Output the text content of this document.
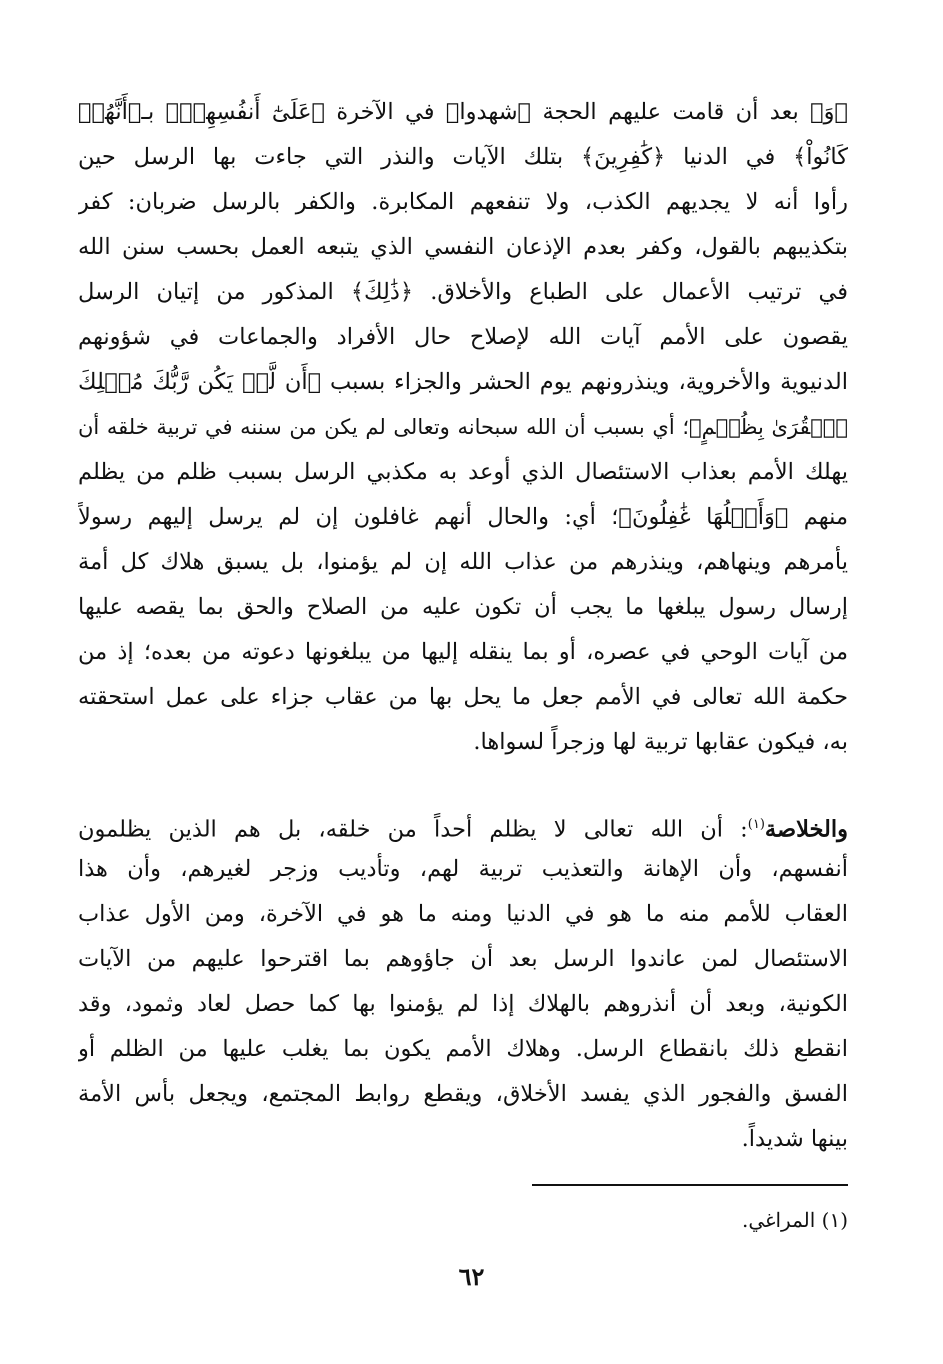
﴿وَ﴾ بعد أن قامت عليهم الحجة ﴿شهدوا﴾ في الآخرة ﴿عَلَىٰٓ أَنفُسِهِمۡ﴾ بـ﴿أَنَّهُمۡ
كَانُواْ﴾ في الدنيا ﴿كَٰفِرِينَ﴾ بتلك الآيات والنذر التي جاءت بها الرسل حين
رأوا أنه لا يجديهم الكذب، ولا تنفعهم المكابرة. والكفر بالرسل ضربان: كفر
بتكذيبهم بالقول، وكفر بعدم الإذعان النفسي الذي يتبعه العمل بحسب سنن الله
في ترتيب الأعمال على الطباع والأخلاق. ﴿ذَٰلِكَ﴾ المذكور من إتيان الرسل
يقصون على الأمم آيات الله لإصلاح حال الأفراد والجماعات في شؤونهم
الدنيوية والأخروية، وينذرونهم يوم الحشر والجزاء بسبب ﴿أَن لَّمۡ يَكُن رَّبُّكَ مُهۡلِكَ
ٱلۡقُرَىٰ بِظُلۡمٍ﴾؛ أي بسبب أن الله سبحانه وتعالى لم يكن من سننه في تربية خلقه أن
يهلك الأمم بعذاب الاستئصال الذي أوعد به مكذبي الرسل بسبب ظلم من يظلم
منهم ﴿وَأَهۡلُهَا غَٰفِلُونَ﴾؛ أي: والحال أنهم غافلون إن لم يرسل إليهم رسولاً
يأمرهم وينهاهم، وينذرهم من عذاب الله إن لم يؤمنوا، بل يسبق هلاك كل أمة
إرسال رسول يبلغها ما يجب أن تكون عليه من الصلاح والحق بما يقصه عليها
من آيات الوحي في عصره، أو بما ينقله إليها من يبلغونها دعوته من بعده؛ إذ من
حكمة الله تعالى في الأمم جعل ما يحل بها من عقاب جزاء على عمل استحقته
به، فيكون عقابها تربية لها وزجراً لسواها.
والخلاصة$^{(١)}$: أن الله تعالى لا يظلم أحداً من خلقه، بل هم الذين يظلمون
أنفسهم، وأن الإهانة والتعذيب تربية لهم، وتأديب وزجر لغيرهم، وأن هذا
العقاب للأمم منه ما هو في الدنيا ومنه ما هو في الآخرة، ومن الأول عذاب
الاستئصال لمن عاندوا الرسل بعد أن جاؤوهم بما اقترحوا عليهم من الآيات
الكونية، وبعد أن أنذروهم بالهلاك إذا لم يؤمنوا بها كما حصل لعاد وثمود، وقد
انقطع ذلك بانقطاع الرسل. وهلاك الأمم يكون بما يغلب عليها من الظلم أو
الفسق والفجور الذي يفسد الأخلاق، ويقطع روابط المجتمع، ويجعل بأس الأمة
بينها شديداً.
(١) المراغي.
٦٢
